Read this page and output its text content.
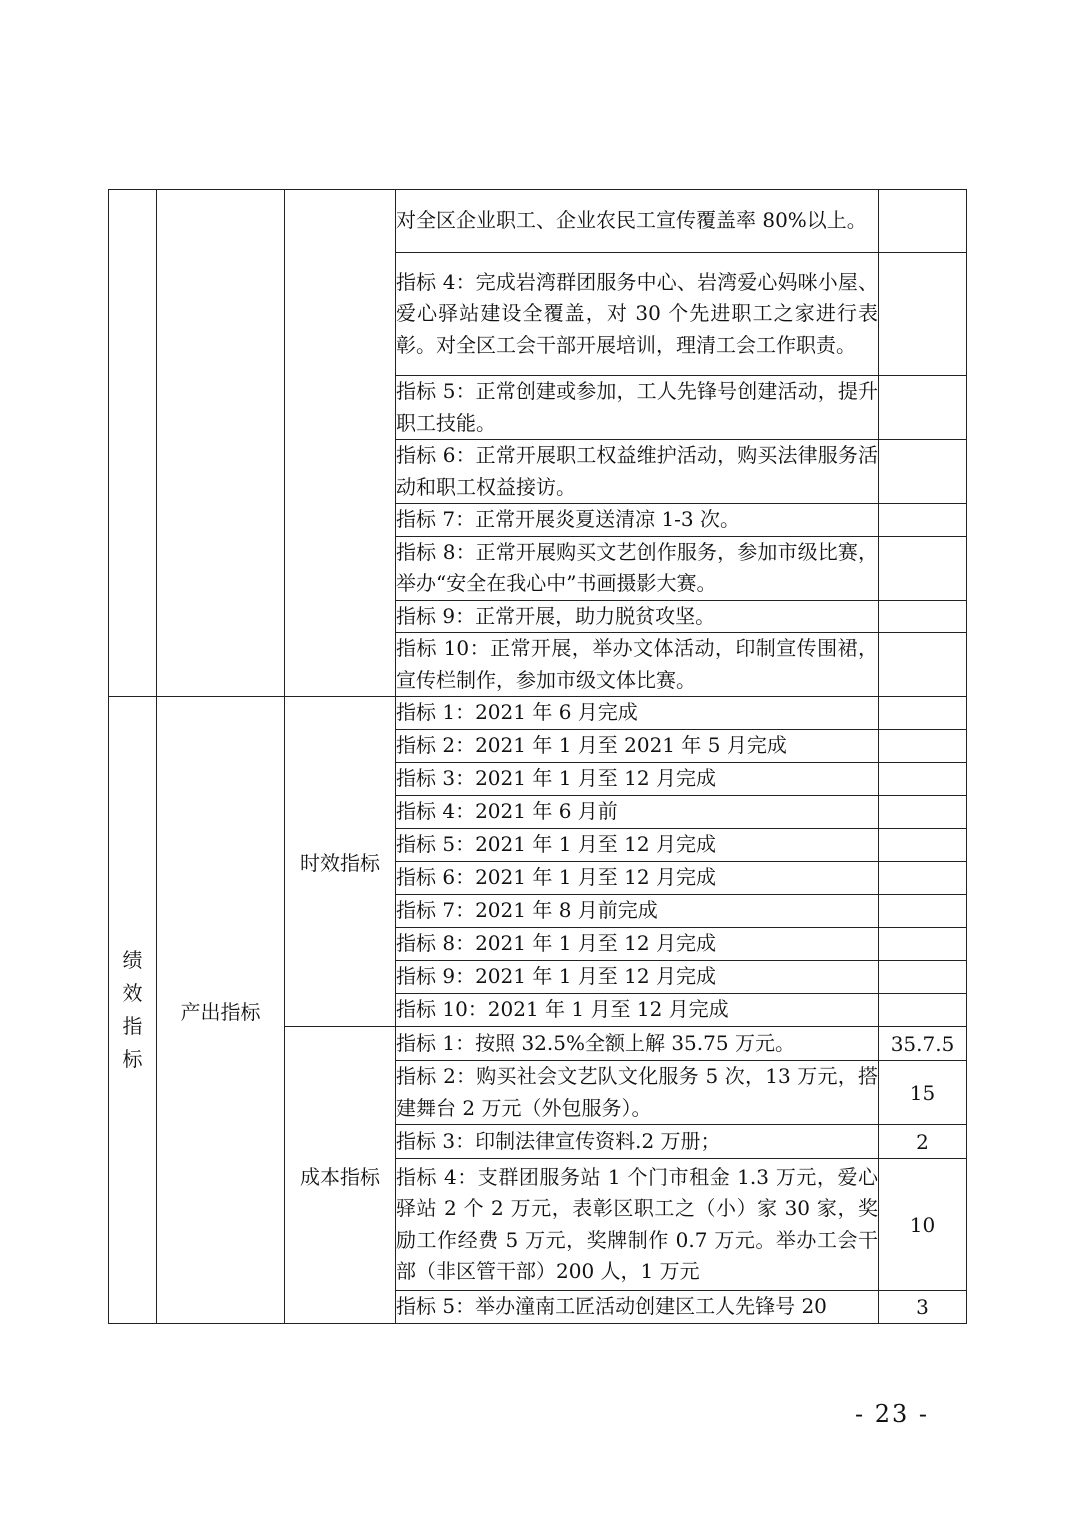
			对全区企业职工、企业农民工宣传覆盖率 80%以上。	
			指标 4：完成岩湾群团服务中心、岩湾爱心妈咪小屋、爱心驿站建设全覆盖，对 30 个先进职工之家进行表彰。对全区工会干部开展培训，理清工会工作职责。	
			指标 5：正常创建或参加，工人先锋号创建活动，提升职工技能。	
			指标 6：正常开展职工权益维护活动，购买法律服务活动和职工权益接访。	
			指标 7：正常开展炎夏送清凉 1-3 次。	
			指标 8：正常开展购买文艺创作服务，参加市级比赛，举办“安全在我心中”书画摄影大赛。	
			指标 9：正常开展，助力脱贫攻坚。	
			指标 10：正常开展，举办文体活动，印制宣传围裙，宣传栏制作，参加市级文体比赛。	
绩效指标	产出指标	时效指标	指标 1：2021 年 6 月完成	
			指标 2：2021 年 1 月至 2021 年 5 月完成	
			指标 3：2021 年 1 月至 12 月完成	
			指标 4：2021 年 6 月前	
			指标 5：2021 年 1 月至 12 月完成	
			指标 6：2021 年 1 月至 12 月完成	
			指标 7：2021 年 8 月前完成	
			指标 8：2021 年 1 月至 12 月完成	
			指标 9：2021 年 1 月至 12 月完成	
			指标 10：2021 年 1 月至 12 月完成	
		成本指标	指标 1：按照 32.5%全额上解 35.75 万元。	35.7.5
			指标 2：购买社会文艺队文化服务 5 次，13 万元，搭建舞台 2 万元（外包服务）。	15
			指标 3：印制法律宣传资料.2 万册；	2
			指标 4：支群团服务站 1 个门市租金 1.3 万元，爱心驿站 2 个 2 万元，表彰区职工之（小）家 30 家，奖励工作经费 5 万元，奖牌制作 0.7 万元。举办工会干部（非区管干部）200 人，1 万元	10
			指标 5：举办潼南工匠活动创建区工人先锋号 20	3
- 23 -
